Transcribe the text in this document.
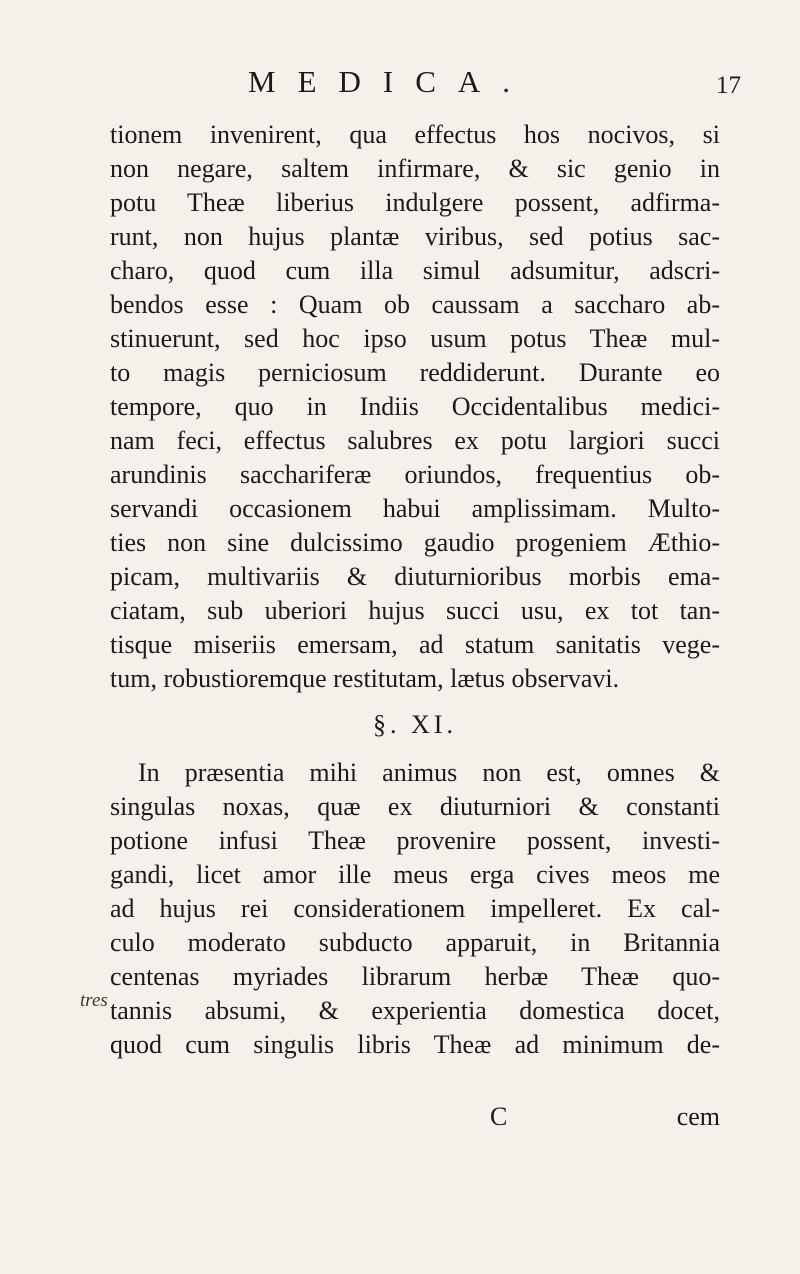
MEDICA.	17
tionem invenirent, qua effectus hos nocivos, si
non negare, saltem infirmare, & sic genio in
potu Theæ liberius indulgere possent, adfirma-
runt, non hujus plantæ viribus, sed potius sac-
charo, quod cum illa simul adsumitur, adscri-
bendos esse : Quam ob caussam a saccharo ab-
stinuerunt, sed hoc ipso usum potus Theæ mul-
to magis perniciosum reddiderunt. Durante eo
tempore, quo in Indiis Occidentalibus medici-
nam feci, effectus salubres ex potu largiori succi
arundinis sacchariferæ oriundos, frequentius ob-
servandi occasionem habui amplissimam. Multo-
ties non sine dulcissimo gaudio progeniem Æthio-
picam, multivariis & diuturnioribus morbis ema-
ciatam, sub uberiori hujus succi usu, ex tot tan-
tisque miseriis emersam, ad statum sanitatis vege-
tum, robustioremque restitutam, lætus observavi.
§. XI.
In præsentia mihi animus non est, omnes &
singulas noxas, quæ ex diuturniori & constanti
potione infusi Theæ provenire possent, investi-
gandi, licet amor ille meus erga cives meos me
ad hujus rei considerationem impelleret. Ex cal-
culo moderato subducto apparuit, in Britannia
centenas myriades librarum herbæ Theæ quo-
tannis absumi, & experientia domestica docet,
quod cum singulis libris Theæ ad minimum de-
tres
C	cem
